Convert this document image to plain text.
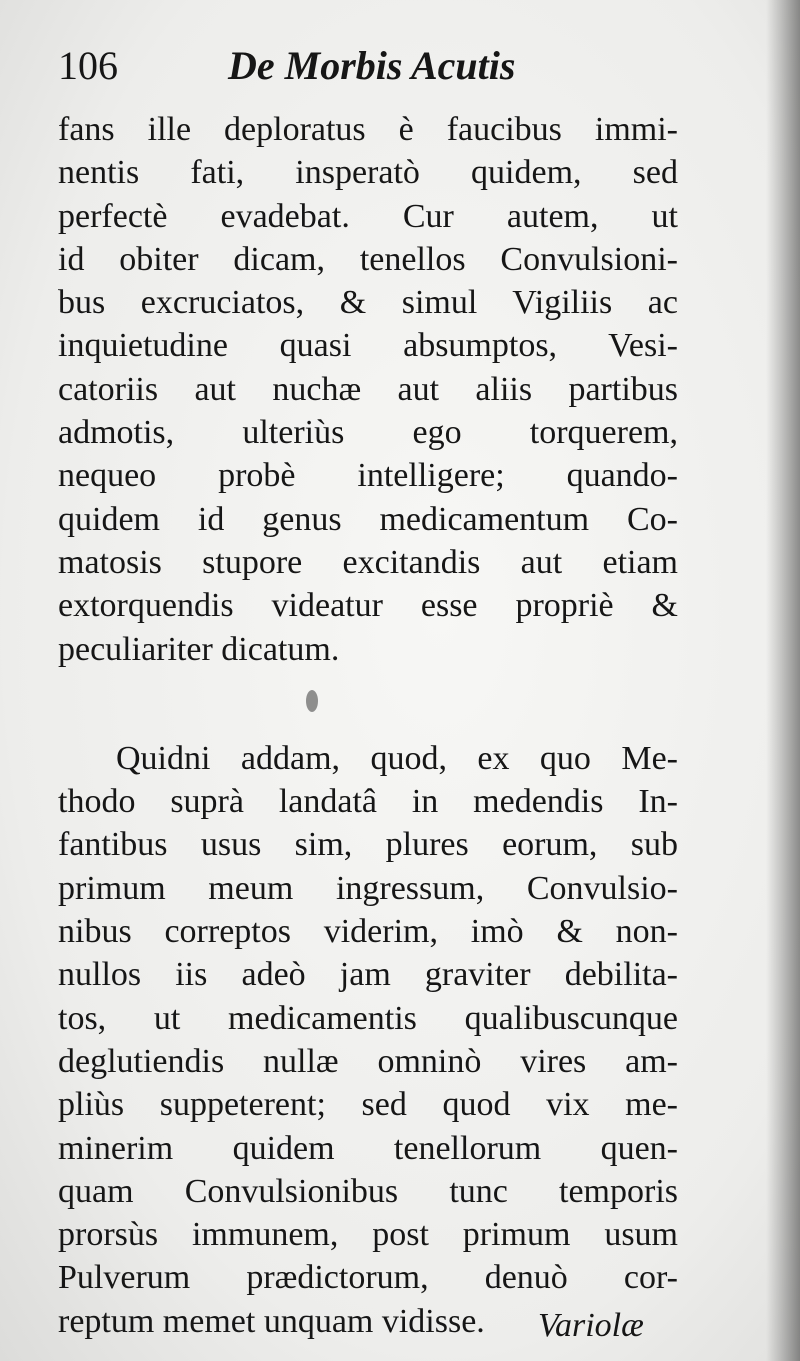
106	De Morbis Acutis
fans ille deploratus è faucibus immi-
nentis fati, insperatò quidem, sed
perfectè evadebat. Cur autem, ut
id obiter dicam, tenellos Convulsioni-
bus excruciatos, & simul Vigiliis ac
inquietudine quasi absumptos, Vesi-
catoriis aut nuchæ aut aliis partibus
admotis, ulteriùs ego torquerem,
nequeo probè intelligere; quando-
quidem id genus medicamentum Co-
matosis stupore excitandis aut etiam
extorquendis videatur esse propriè &
peculiariter dicatum.
Quidni addam, quod, ex quo Me-
thodo suprà landatâ in medendis In-
fantibus usus sim, plures eorum, sub
primum meum ingressum, Convulsio-
nibus correptos viderim, imò & non-
nullos iis adeò jam graviter debilita-
tos, ut medicamentis qualibuscunque
deglutiendis nullæ omninò vires am-
pliùs suppeterent; sed quod vix me-
minerim quidem tenellorum quen-
quam Convulsionibus tunc temporis
prorsùs immunem, post primum usum
Pulverum prædictorum, denuò cor-
reptum memet unquam vidisse.	Variolæ
